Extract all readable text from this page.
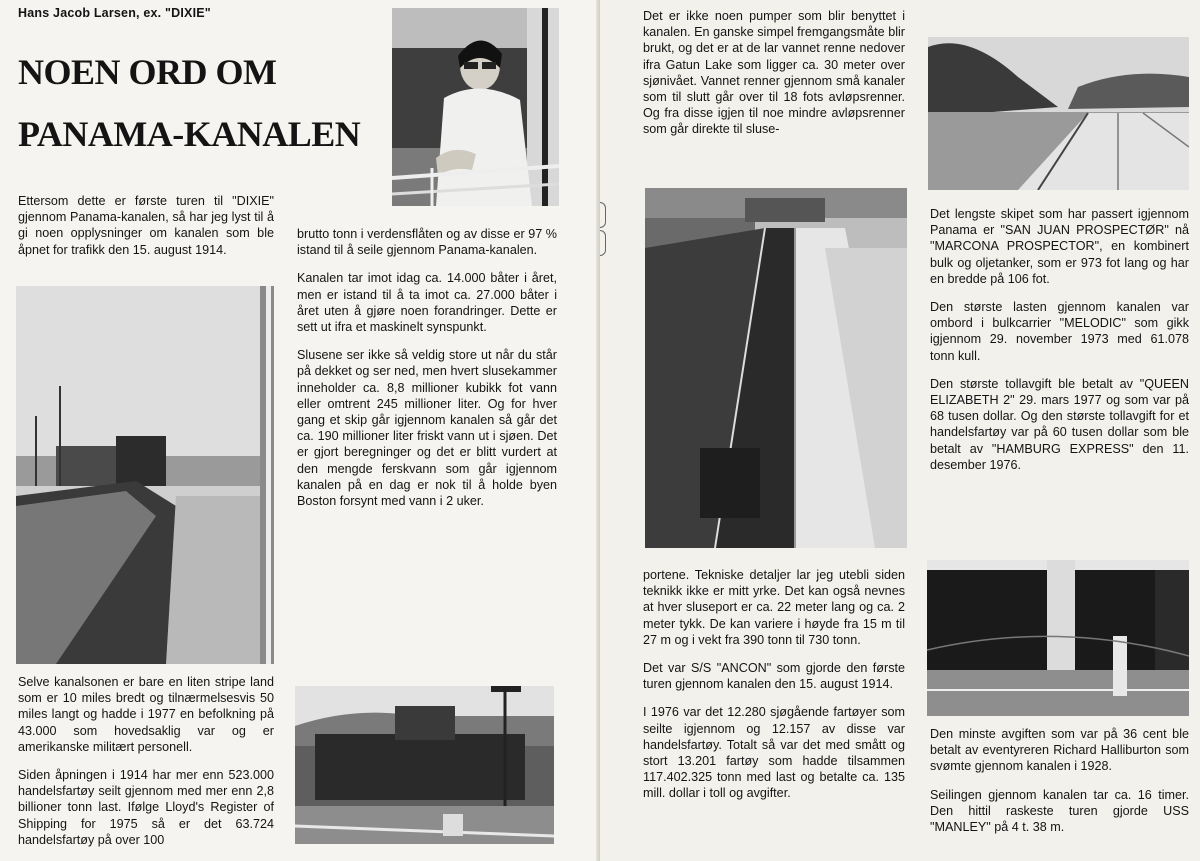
Hans Jacob Larsen, ex. "DIXIE"
NOEN ORD OM
PANAMA-KANALEN

Ettersom dette er første turen til "DIXIE" gjennom Panama-kanalen, så har jeg lyst til å gi noen opplysninger om kanalen som ble åpnet for trafikk den 15. august 1914.

Selve kanalsonen er bare en liten stripe land som er 10 miles bredt og tilnærmelsesvis 50 miles langt og hadde i 1977 en befolkning på 43.000 som hovedsaklig var og er amerikanske militært personell.

Siden åpningen i 1914 har mer enn 523.000 handelsfartøy seilt gjennom med mer enn 2,8 billioner tonn last. Ifølge Lloyd's Register of Shipping for 1975 så er det 63.724 handelsfartøy på over 100

brutto tonn i verdensflåten og av disse er 97 % istand til å seile gjennom Panama-kanalen.

Kanalen tar imot idag ca. 14.000 båter i året, men er istand til å ta imot ca. 27.000 båter i året uten å gjøre noen forandringer. Dette er sett ut ifra et maskinelt synspunkt.

Slusene ser ikke så veldig store ut når du står på dekket og ser ned, men hvert slusekammer inneholder ca. 8,8 millioner kubikk fot vann eller omtrent 245 millioner liter. Og for hver gang et skip går igjennom kanalen så går det ca. 190 millioner liter friskt vann ut i sjøen. Det er gjort beregninger og det er blitt vurdert at den mengde ferskvann som går igjennom kanalen på en dag er nok til å holde byen Boston forsynt med vann i 2 uker.

Det er ikke noen pumper som blir benyttet i kanalen. En ganske simpel fremgangsmåte blir brukt, og det er at de lar vannet renne nedover ifra Gatun Lake som ligger ca. 30 meter over sjønivået. Vannet renner gjennom små kanaler som til slutt går over til 18 fots avløpsrenner. Og fra disse igjen til noe mindre avløpsrenner som går direkte til sluse-

portene. Tekniske detaljer lar jeg utebli siden teknikk ikke er mitt yrke. Det kan også nevnes at hver sluseport er ca. 22 meter lang og ca. 2 meter tykk. De kan variere i høyde fra 15 m til 27 m og i vekt fra 390 tonn til 730 tonn.

Det var S/S "ANCON" som gjorde den første turen gjennom kanalen den 15. august 1914.

I 1976 var det 12.280 sjøgående fartøyer som seilte igjennom og 12.157 av disse var handelsfartøy. Totalt så var det med smått og stort 13.201 fartøy som hadde tilsammen 117.402.325 tonn med last og betalte ca. 135 mill. dollar i toll og avgifter.

Det lengste skipet som har passert igjennom Panama er "SAN JUAN PROSPECTØR" nå "MARCONA PROSPECTOR", en kombinert bulk og oljetanker, som er 973 fot lang og har en bredde på 106 fot.

Den største lasten gjennom kanalen var ombord i bulkcarrier "MELODIC" som gikk igjennom 29. november 1973 med 61.078 tonn kull.

Den største tollavgift ble betalt av "QUEEN ELIZABETH 2" 29. mars 1977 og som var på 68 tusen dollar. Og den største tollavgift for et handelsfartøy var på 60 tusen dollar som ble betalt av "HAMBURG EXPRESS" den 11. desember 1976.

Den minste avgiften som var på 36 cent ble betalt av eventyreren Richard Halliburton som svømte gjennom kanalen i 1928.

Seilingen gjennom kanalen tar ca. 16 timer. Den hittil raskeste turen gjorde USS "MANLEY" på 4 t. 38 m.
